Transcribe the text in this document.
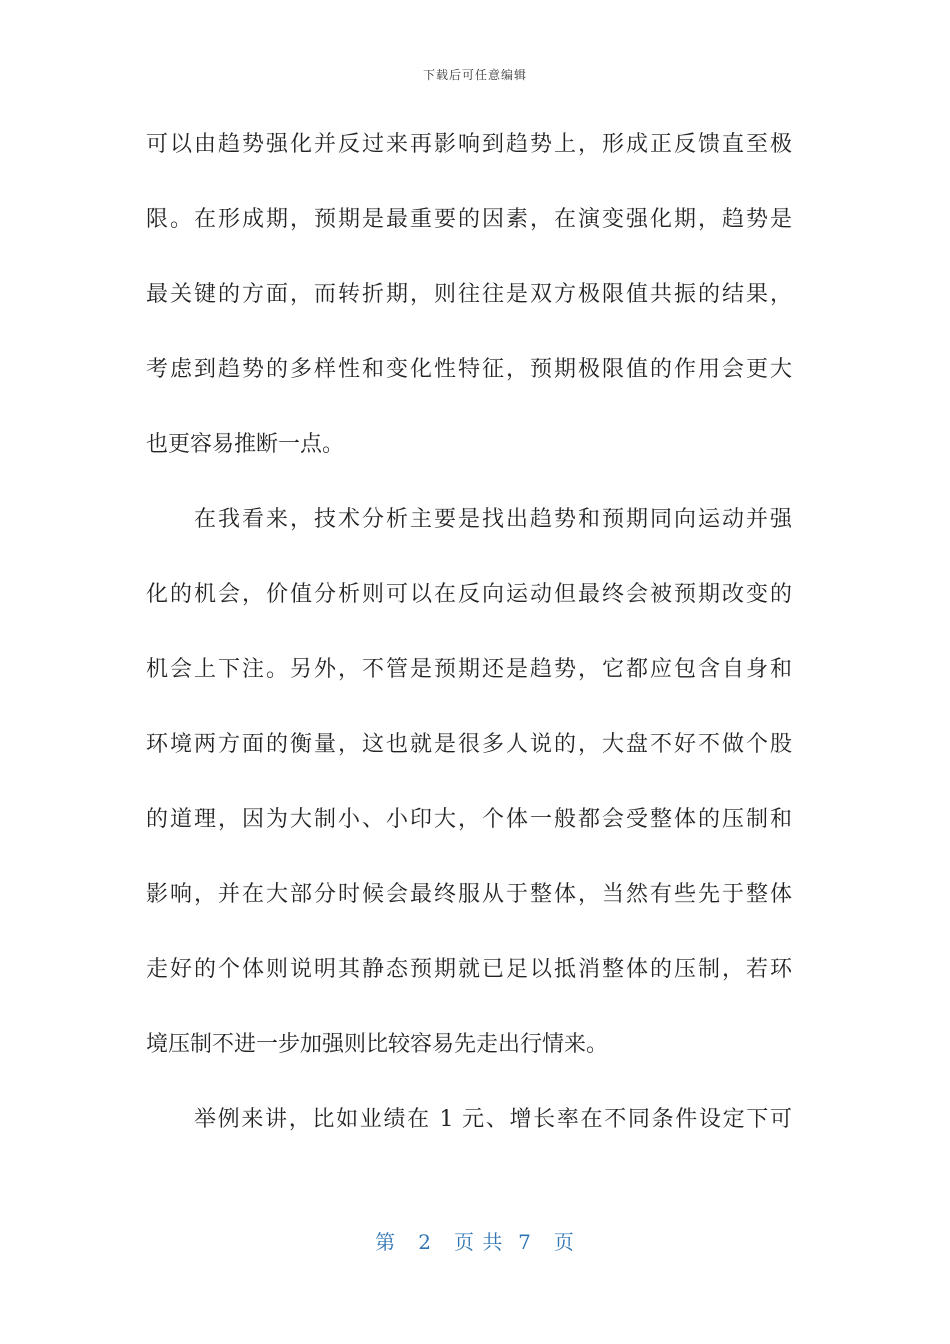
下载后可任意编辑
可以由趋势强化并反过来再影响到趋势上，形成正反馈直至极
限。在形成期，预期是最重要的因素，在演变强化期，趋势是
最关键的方面，而转折期，则往往是双方极限值共振的结果，
考虑到趋势的多样性和变化性特征，预期极限值的作用会更大
也更容易推断一点。
在我看来，技术分析主要是找出趋势和预期同向运动并强
化的机会，价值分析则可以在反向运动但最终会被预期改变的
机会上下注。另外，不管是预期还是趋势，它都应包含自身和
环境两方面的衡量，这也就是很多人说的，大盘不好不做个股
的道理，因为大制小、小印大，个体一般都会受整体的压制和
影响，并在大部分时候会最终服从于整体，当然有些先于整体
走好的个体则说明其静态预期就已足以抵消整体的压制，若环
境压制不进一步加强则比较容易先走出行情来。
举例来讲，比如业绩在 1 元、增长率在不同条件设定下可
第   2   页 共  7   页
